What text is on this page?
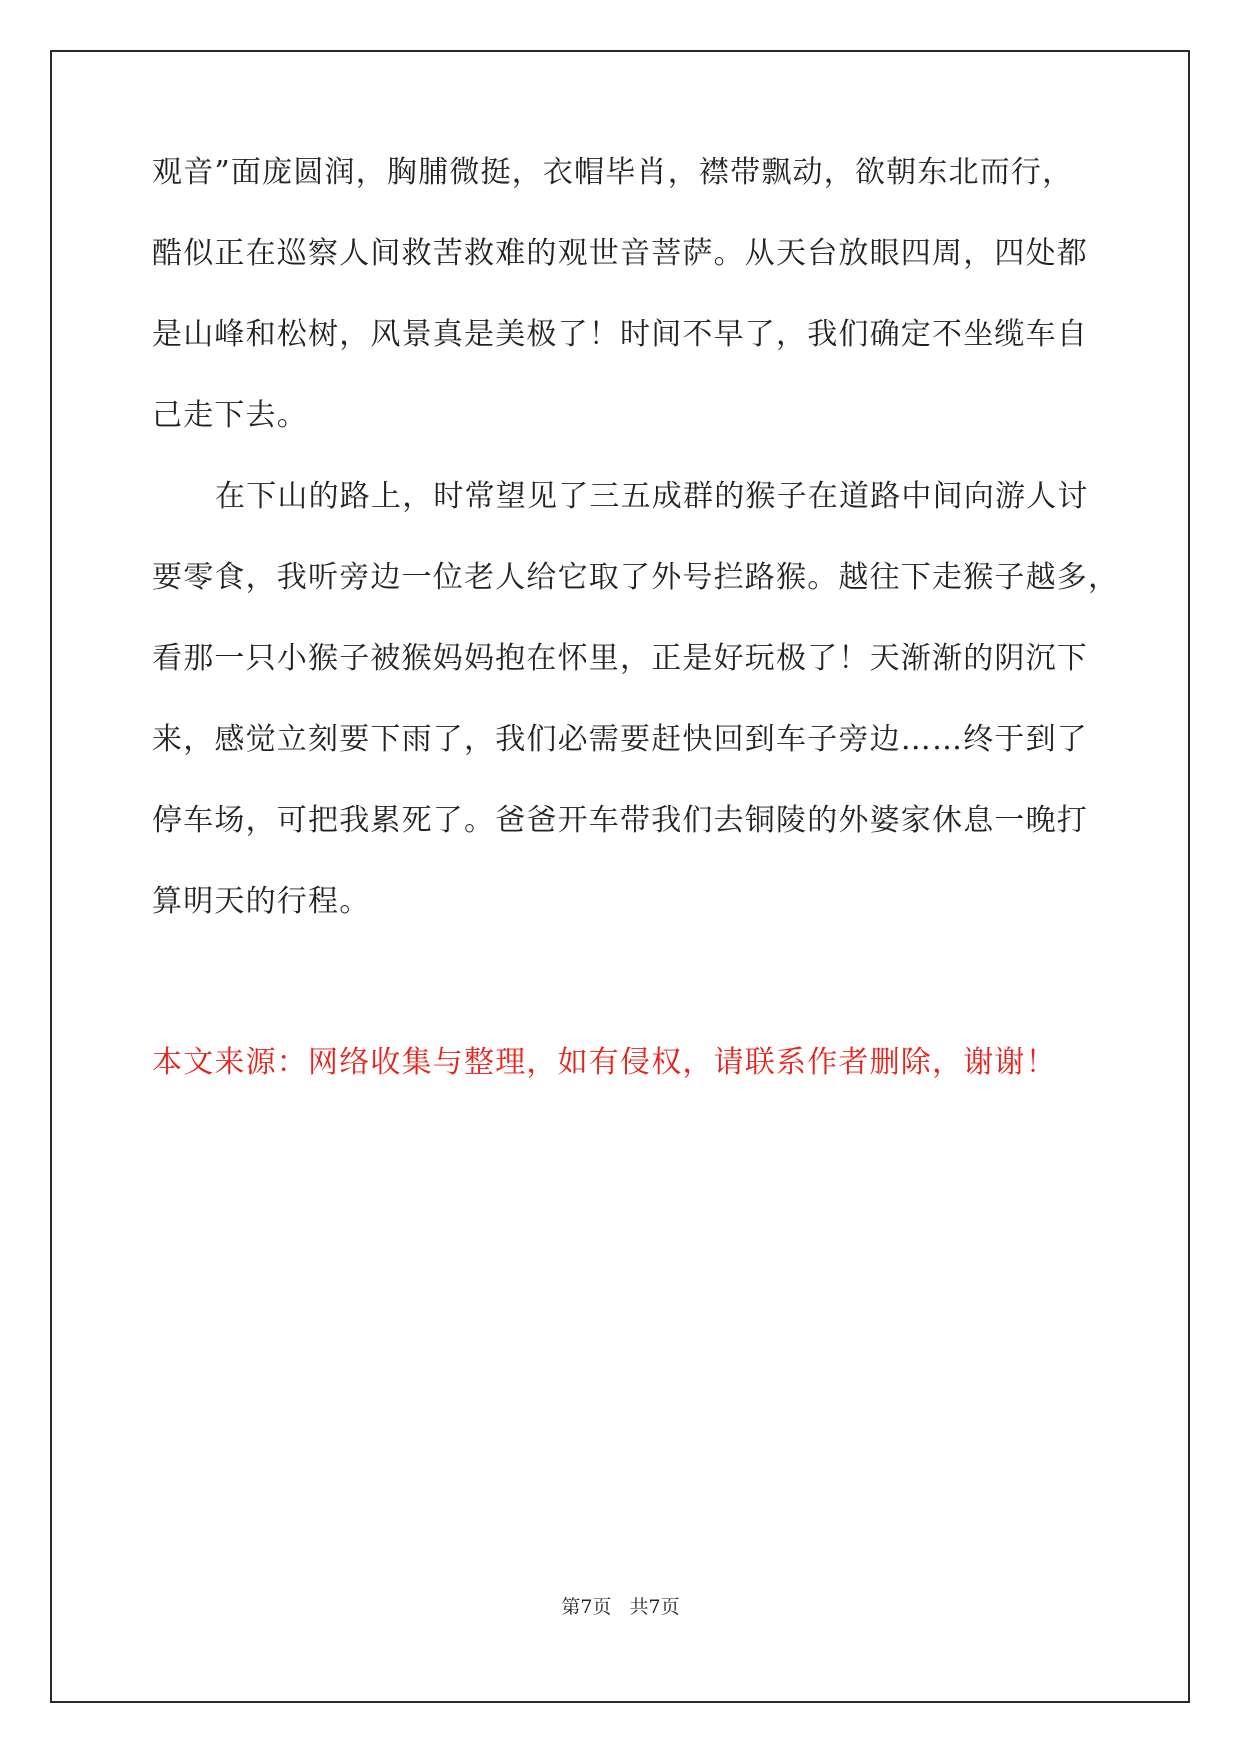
观音”面庞圆润，胸脯微挺，衣帽毕肖，襟带飘动，欲朝东北而行，
酷似正在巡察人间救苦救难的观世音菩萨。从天台放眼四周，四处都
是山峰和松树，风景真是美极了！时间不早了，我们确定不坐缆车自
己走下去。
在下山的路上，时常望见了三五成群的猴子在道路中间向游人讨
要零食，我听旁边一位老人给它取了外号拦路猴。越往下走猴子越多，
看那一只小猴子被猴妈妈抱在怀里，正是好玩极了！天渐渐的阴沉下
来，感觉立刻要下雨了，我们必需要赶快回到车子旁边……终于到了
停车场，可把我累死了。爸爸开车带我们去铜陵的外婆家休息一晚打
算明天的行程。
本文来源：网络收集与整理，如有侵权，请联系作者删除，谢谢！
第7页 共7页
